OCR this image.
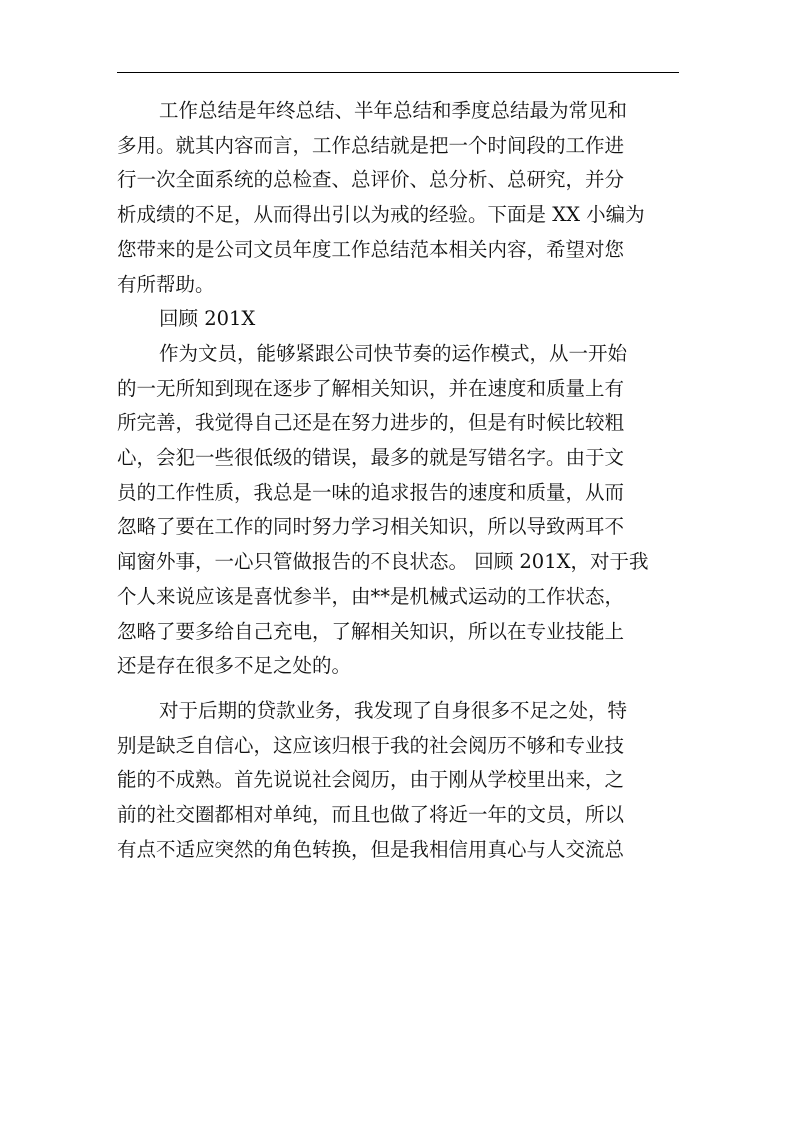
工作总结是年终总结、半年总结和季度总结最为常见和
多用。就其内容而言，工作总结就是把一个时间段的工作进
行一次全面系统的总检查、总评价、总分析、总研究，并分
析成绩的不足，从而得出引以为戒的经验。下面是 XX 小编为
您带来的是公司文员年度工作总结范本相关内容，希望对您
有所帮助。
回顾 201X
作为文员，能够紧跟公司快节奏的运作模式，从一开始
的一无所知到现在逐步了解相关知识，并在速度和质量上有
所完善，我觉得自己还是在努力进步的，但是有时候比较粗
心，会犯一些很低级的错误，最多的就是写错名字。由于文
员的工作性质，我总是一味的追求报告的速度和质量，从而
忽略了要在工作的同时努力学习相关知识，所以导致两耳不
闻窗外事，一心只管做报告的不良状态。 回顾 201X，对于我
个人来说应该是喜忧参半，由**是机械式运动的工作状态，
忽略了要多给自己充电，了解相关知识，所以在专业技能上
还是存在很多不足之处的。
对于后期的贷款业务，我发现了自身很多不足之处，特
别是缺乏自信心，这应该归根于我的社会阅历不够和专业技
能的不成熟。首先说说社会阅历，由于刚从学校里出来，之
前的社交圈都相对单纯，而且也做了将近一年的文员，所以
有点不适应突然的角色转换，但是我相信用真心与人交流总
